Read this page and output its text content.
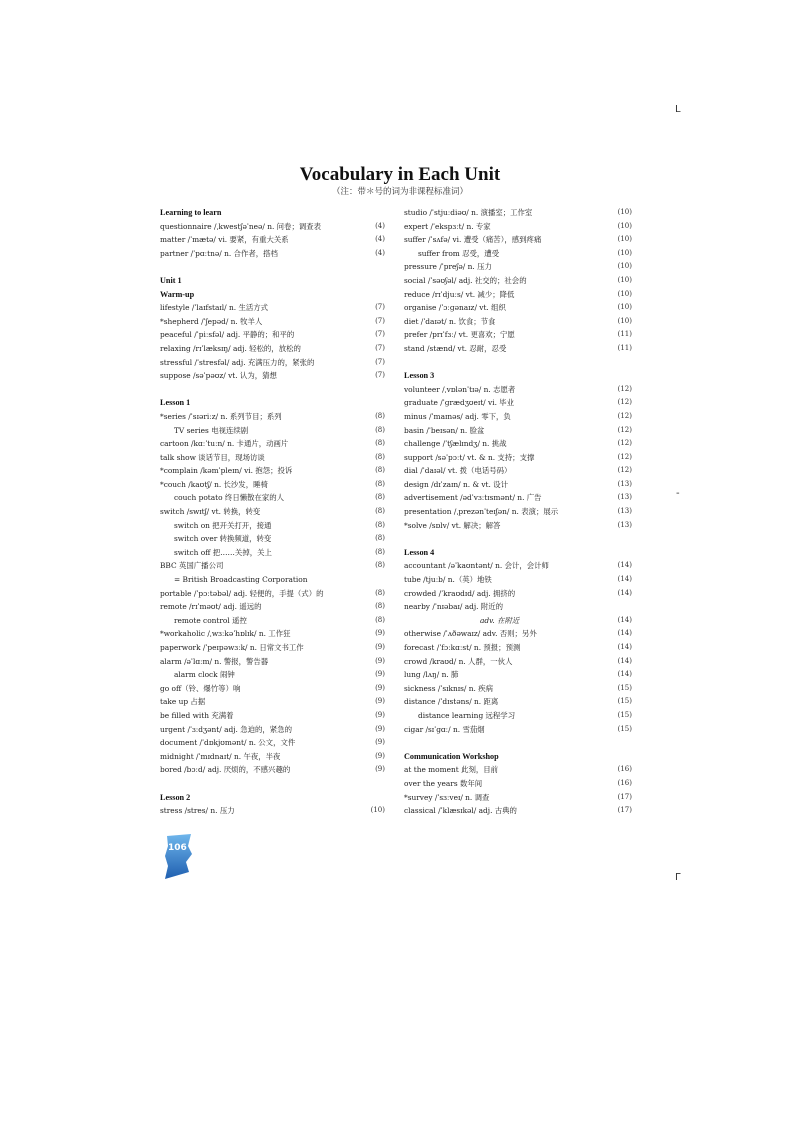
Vocabulary in Each Unit
（注：带＊号的词为非课程标准词）
Learning to learn
questionnaire /ˌkwestʃəˈneə/ n. 问卷；调查表	(4)
matter /ˈmætə/ vi. 要紧，有重大关系	(4)
partner /ˈpɑːtnə/ n. 合作者，搭档	(4)
Unit 1
Warm-up
lifestyle /ˈlaɪfstaɪl/ n. 生活方式	(7)
*shepherd /ˈʃepəd/ n. 牧羊人	(7)
peaceful /ˈpiːsfəl/ adj. 平静的；和平的	(7)
relaxing /rɪˈlæksɪŋ/ adj. 轻松的，放松的	(7)
stressful /ˈstresfəl/ adj. 充满压力的，紧张的	(7)
suppose /səˈpəʊz/ vt. 认为，猜想	(7)
Lesson 1
*series /ˈsɪəriːz/ n. 系列节目；系列	(8)
TV series 电视连续剧	(8)
cartoon /kɑːˈtuːn/ n. 卡通片，动画片	(8)
talk show 谈话节目，现场访谈	(8)
*complain /kəmˈpleɪn/ vi. 抱怨；投诉	(8)
*couch /kaʊtʃ/ n. 长沙发，睡椅	(8)
couch potato 终日懒散在家的人	(8)
switch /swɪtʃ/ vt. 转换，转变	(8)
switch on 把开关打开，接通	(8)
switch over 转换频道，转变	(8)
switch off 把……关掉，关上	(8)
BBC 英国广播公司	(8)
= British Broadcasting Corporation
portable /ˈpɔːtəbəl/ adj. 轻便的，手提（式）的	(8)
remote /rɪˈməʊt/ adj. 遥远的	(8)
remote control 遥控	(8)
*workaholic /ˌwɜːkəˈhɒlɪk/ n. 工作狂	(9)
paperwork /ˈpeɪpəwɜːk/ n. 日常文书工作	(9)
alarm /əˈlɑːm/ n. 警报，警告器	(9)
alarm clock 闹钟	(9)
go off（铃、爆竹等）响	(9)
take up 占据	(9)
be filled with 充满着	(9)
urgent /ˈɜːdʒənt/ adj. 急迫的，紧急的	(9)
document /ˈdɒkjʊmənt/ n. 公文，文件	(9)
midnight /ˈmɪdnaɪt/ n. 午夜，半夜	(9)
bored /bɔːd/ adj. 厌烦的，不感兴趣的	(9)
Lesson 2
stress /stres/ n. 压力	(10)
studio /ˈstjuːdiəʊ/ n. 演播室；工作室	(10)
expert /ˈekspɜːt/ n. 专家	(10)
suffer /ˈsʌfə/ vi. 遭受（痛苦），感到疼痛	(10)
suffer from 忍受，遭受	(10)
pressure /ˈpreʃə/ n. 压力	(10)
social /ˈsəʊʃəl/ adj. 社交的；社会的	(10)
reduce /rɪˈdjuːs/ vt. 减少；降低	(10)
organise /ˈɔːɡənaɪz/ vt. 组织	(10)
diet /ˈdaɪət/ n. 饮食；节食	(10)
prefer /prɪˈfɜː/ vt. 更喜欢；宁愿	(11)
stand /stænd/ vt. 忍耐，忍受	(11)
Lesson 3
volunteer /ˌvɒlənˈtɪə/ n. 志愿者	(12)
graduate /ˈɡrædʒʊeɪt/ vi. 毕业	(12)
minus /ˈmaɪnəs/ adj. 零下，负	(12)
basin /ˈbeɪsən/ n. 脸盆	(12)
challenge /ˈtʃælɪndʒ/ n. 挑战	(12)
support /səˈpɔːt/ vt. & n. 支持；支撑	(12)
dial /ˈdaɪəl/ vt. 拨（电话号码）	(12)
design /dɪˈzaɪn/ n. & vt. 设计	(13)
advertisement /ədˈvɜːtɪsmənt/ n. 广告	(13)
presentation /ˌprezənˈteɪʃən/ n. 表演；展示	(13)
*solve /sɒlv/ vt. 解决；解答	(13)
Lesson 4
accountant /əˈkaʊntənt/ n. 会计，会计师	(14)
tube /tjuːb/ n.（英）地铁	(14)
crowded /ˈkraʊdɪd/ adj. 拥挤的	(14)
nearby /ˈnɪəbaɪ/ adj. 附近的
adv. 在附近	(14)
otherwise /ˈʌðəwaɪz/ adv. 否则；另外	(14)
forecast /ˈfɔːkɑːst/ n. 预报；预测	(14)
crowd /kraʊd/ n. 人群，一伙人	(14)
lung /lʌŋ/ n. 肺	(14)
sickness /ˈsɪknɪs/ n. 疾病	(15)
distance /ˈdɪstəns/ n. 距离	(15)
distance learning 远程学习	(15)
cigar /sɪˈɡɑː/ n. 雪茄烟	(15)
Communication Workshop
at the moment 此刻，目前	(16)
over the years 数年间	(16)
*survey /ˈsɜːveɪ/ n. 调查	(17)
classical /ˈklæsɪkəl/ adj. 古典的	(17)
106
L
-
Γ
